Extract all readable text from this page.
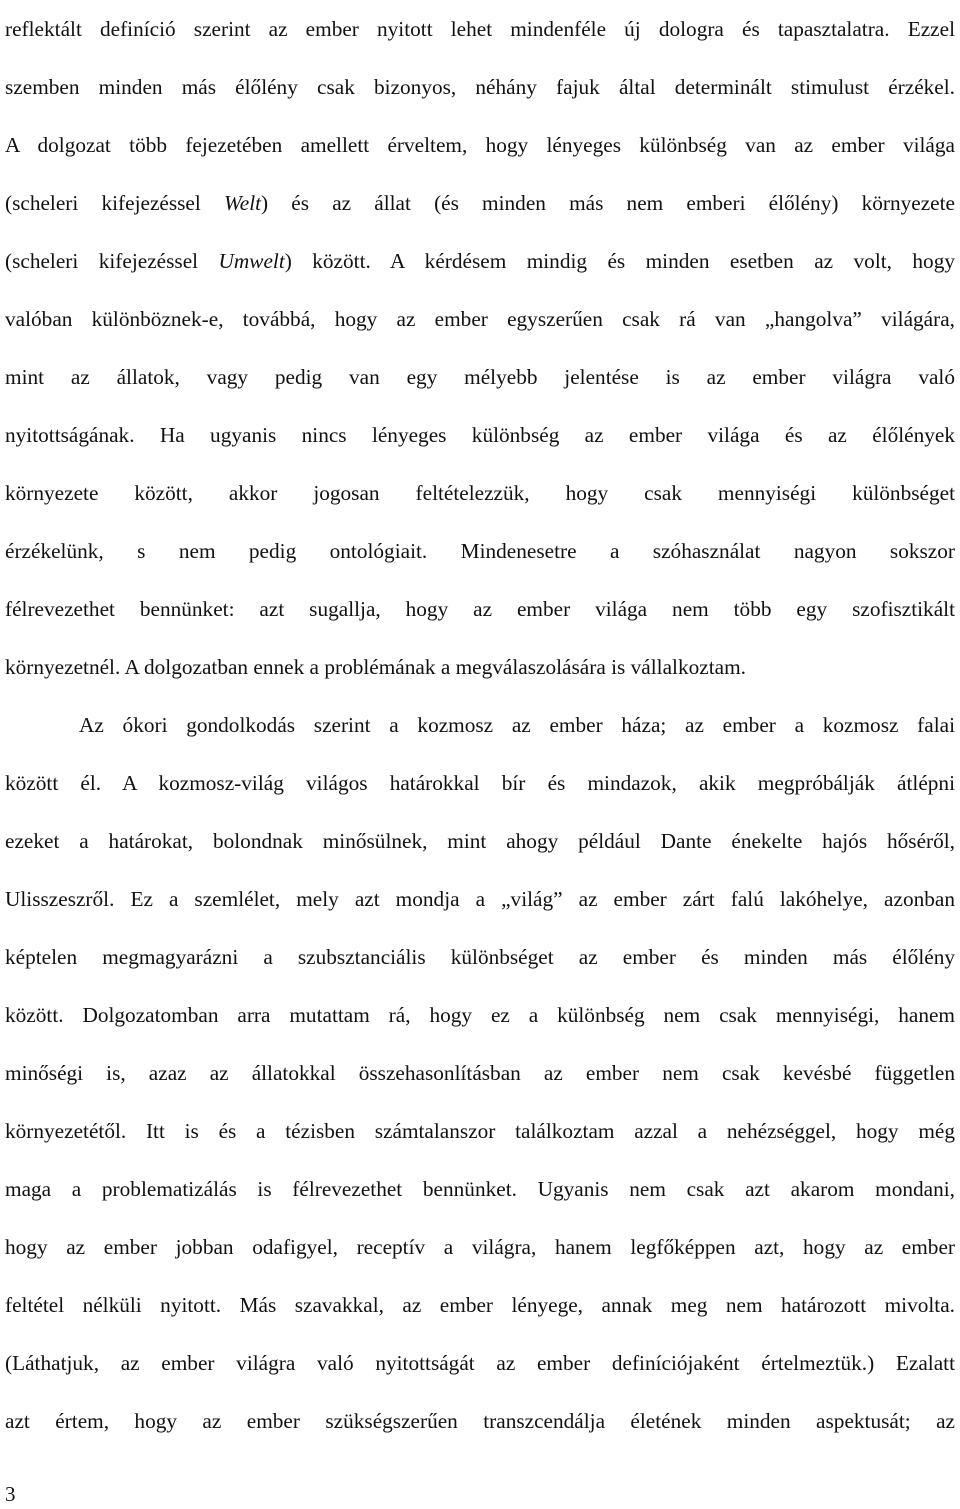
reflektált definíció szerint az ember nyitott lehet mindenféle új dologra és tapasztalatra. Ezzel
szemben minden más élőlény csak bizonyos, néhány fajuk által determinált stimulust érzékel.
A dolgozat több fejezetében amellett érveltem, hogy lényeges különbség van az ember világa
(scheleri kifejezéssel Welt) és az állat (és minden más nem emberi élőlény) környezete
(scheleri kifejezéssel Umwelt) között. A kérdésem mindig és minden esetben az volt, hogy
valóban különböznek-e, továbbá, hogy az ember egyszerűen csak rá van „hangolva” világára,
mint az állatok, vagy pedig van egy mélyebb jelentése is az ember világra való
nyitottságának. Ha ugyanis nincs lényeges különbség az ember világa és az élőlények
környezete között, akkor jogosan feltételezzük, hogy csak mennyiségi különbséget
érzékelünk, s nem pedig ontológiait. Mindenesetre a szóhasználat nagyon sokszor
félrevezethet bennünket: azt sugallja, hogy az ember világa nem több egy szofisztikált
környezetnél. A dolgozatban ennek a problémának a megválaszolására is vállalkoztam.
Az ókori gondolkodás szerint a kozmosz az ember háza; az ember a kozmosz falai
között él. A kozmosz-világ világos határokkal bír és mindazok, akik megpróbálják átlépni
ezeket a határokat, bolondnak minősülnek, mint ahogy például Dante énekelte hajós hőséről,
Ulisszeszről. Ez a szemlélet, mely azt mondja a „világ” az ember zárt falú lakóhelye, azonban
képtelen megmagyarázni a szubsztanciális különbséget az ember és minden más élőlény
között. Dolgozatomban arra mutattam rá, hogy ez a különbség nem csak mennyiségi, hanem
minőségi is, azaz az állatokkal összehasonlításban az ember nem csak kevésbé független
környezetétől. Itt is és a tézisben számtalanszor találkoztam azzal a nehézséggel, hogy még
maga a problematizálás is félrevezethet bennünket. Ugyanis nem csak azt akarom mondani,
hogy az ember jobban odafigyel, receptív a világra, hanem legfőképpen azt, hogy az ember
feltétel nélküli nyitott. Más szavakkal, az ember lényege, annak meg nem határozott mivolta.
(Láthatjuk, az ember világra való nyitottságát az ember definíciójaként értelmeztük.) Ezalatt
azt értem, hogy az ember szükségszerűen transzcendálja életének minden aspektusát; az
3
